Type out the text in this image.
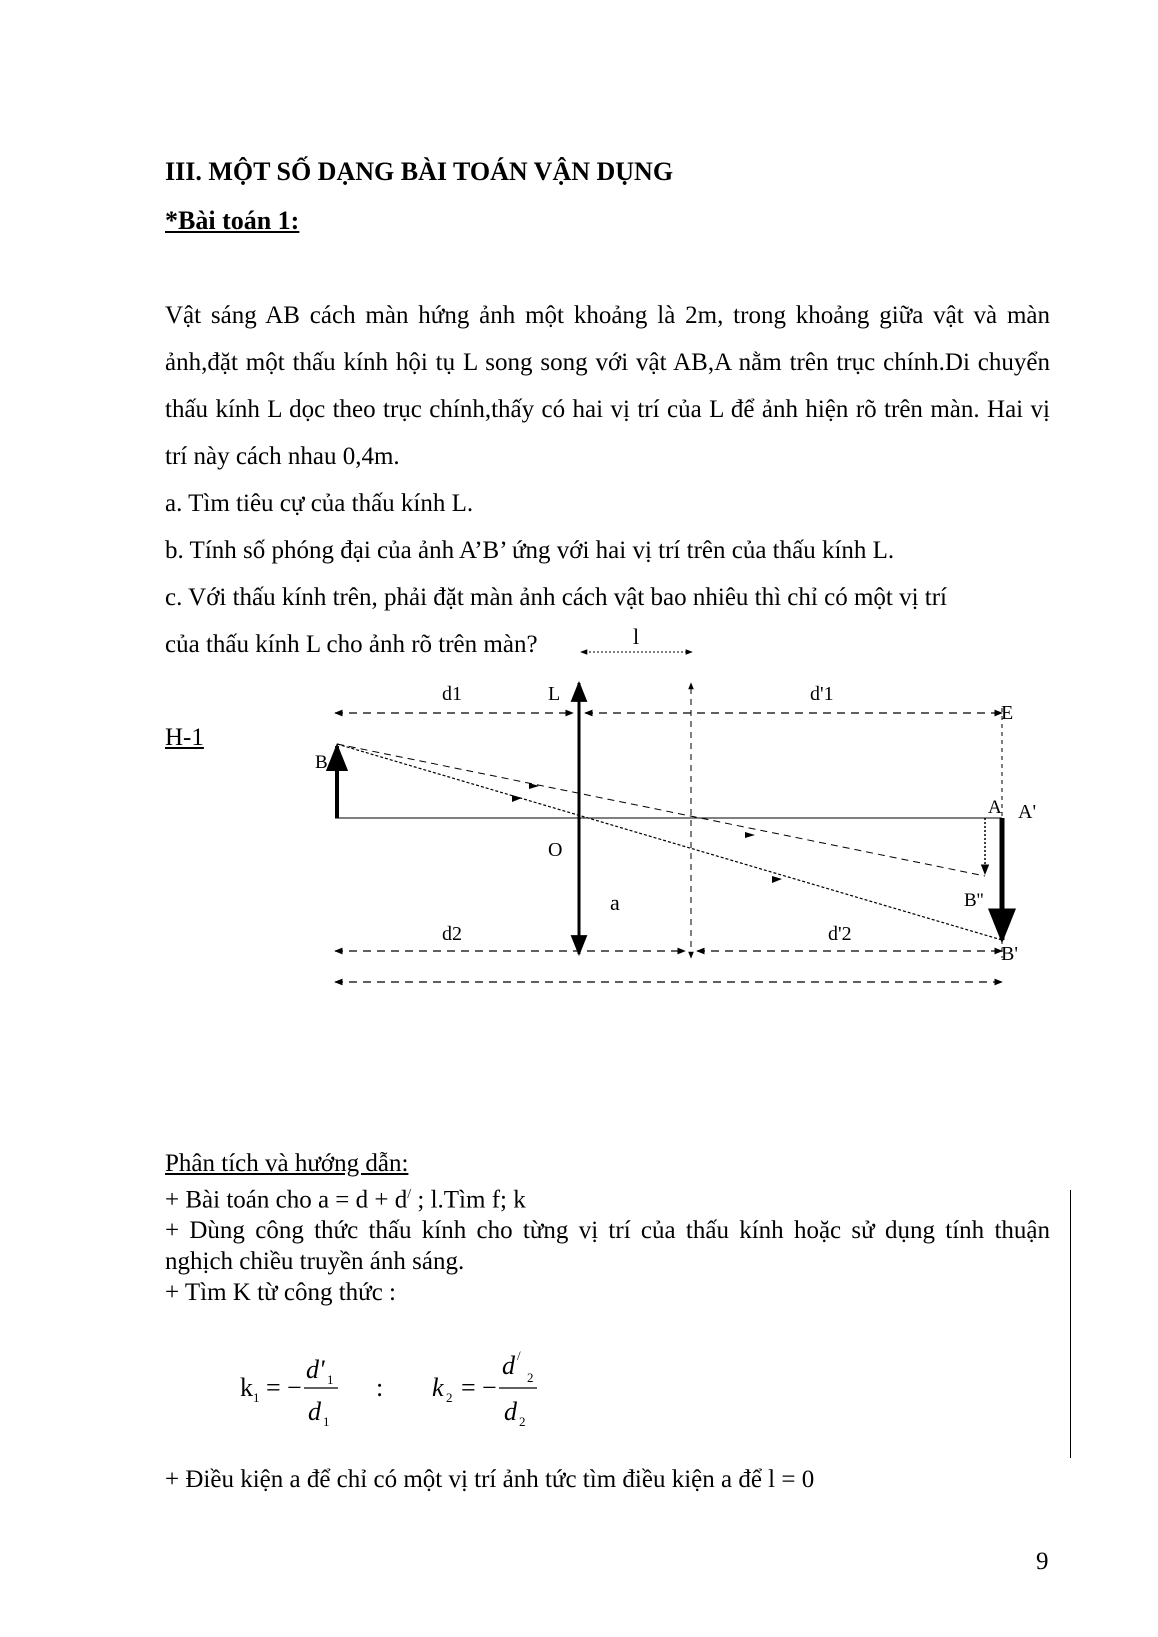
III. MỘT SỐ DẠNG BÀI TOÁN VẬN DỤNG
*Bài toán 1:

Vật sáng AB cách màn hứng ảnh một khoảng là 2m, trong khoảng giữa vật và màn ảnh,đặt một thấu kính hội tụ L song song với vật AB,A nằm trên trục chính.Di chuyển thấu kính L dọc theo trục chính,thấy có hai vị trí của L để ảnh hiện rõ trên màn. Hai vị trí này cách nhau 0,4m.

a. Tìm tiêu cự của thấu kính L.

b. Tính số phóng đại của ảnh A’B’ ứng với hai vị trí trên của thấu kính L.

c. Với thấu kính trên, phải đặt màn ảnh cách vật bao nhiêu thì chỉ có một vị trí

của thấu kính L cho ảnh rõ trên màn?

H-1
l
d1	L	d'1
E
B
O
a
A
B''
A'
B'
d2	d'2

Phân tích và hướng dẫn:

+ Bài toán cho a = d + d/ ; l.Tìm f; k

+ Dùng công thức thấu kính cho từng vị trí của thấu kính hoặc sử dụng tính thuận nghịch chiều truyền ánh sáng.

+ Tìm K từ công thức :

k 1 = −
d' 1
d 1
: k 2 = −
d /
2
d 2
+ Điều kiện a để chỉ có một vị trí ảnh tức tìm điều kiện a để l = 0
9
